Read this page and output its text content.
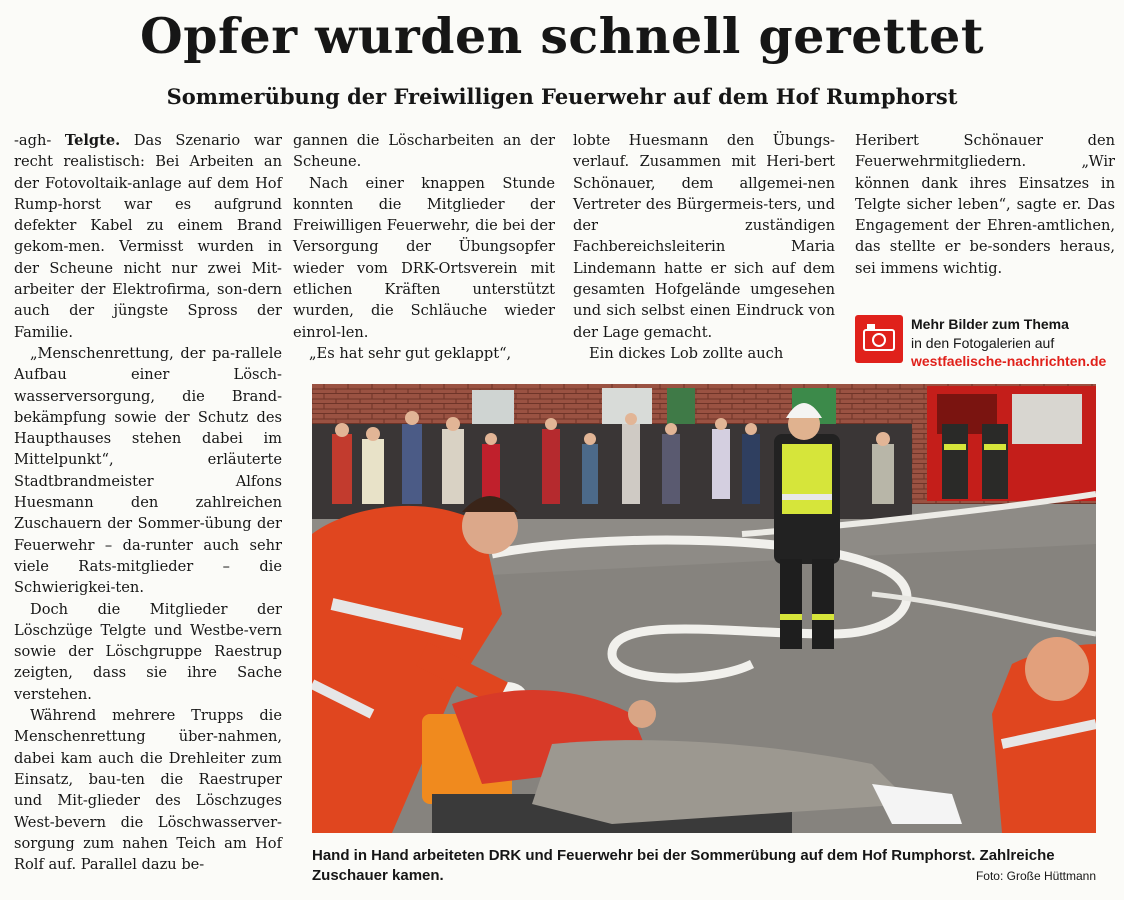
Opfer wurden schnell gerettet
Sommerübung der Freiwilligen Feuerwehr auf dem Hof Rumphorst

-agh- Telgte. Das Szenario war recht realistisch: Bei Arbeiten an der Fotovoltaik-anlage auf dem Hof Rump-horst war es aufgrund defekter Kabel zu einem Brand gekom-men. Vermisst wurden in der Scheune nicht nur zwei Mit-arbeiter der Elektrofirma, son-dern auch der jüngste Spross der Familie.

„Menschenrettung, der pa-rallele Aufbau einer Lösch-wasserversorgung, die Brand-bekämpfung sowie der Schutz des Haupthauses stehen dabei im Mittelpunkt“, erläuterte Stadtbrandmeister Alfons Huesmann den zahlreichen Zuschauern der Sommer-übung der Feuerwehr – da-runter auch sehr viele Rats-mitglieder – die Schwierigkei-ten.

Doch die Mitglieder der Löschzüge Telgte und Westbe-vern sowie der Löschgruppe Raestrup zeigten, dass sie ihre Sache verstehen.

Während mehrere Trupps die Menschenrettung über-nahmen, dabei kam auch die Drehleiter zum Einsatz, bau-ten die Raestruper und Mit-glieder des Löschzuges West-bevern die Löschwasserver-sorgung zum nahen Teich am Hof Rolf auf. Parallel dazu be-

gannen die Löscharbeiten an der Scheune.

Nach einer knappen Stunde konnten die Mitglieder der Freiwilligen Feuerwehr, die bei der Versorgung der Übungsopfer wieder vom DRK-Ortsverein mit etlichen Kräften unterstützt wurden, die Schläuche wieder einrol-len.

„Es hat sehr gut geklappt“,

lobte Huesmann den Übungs-verlauf. Zusammen mit Heri-bert Schönauer, dem allgemei-nen Vertreter des Bürgermeis-ters, und der zuständigen Fachbereichsleiterin Maria Lindemann hatte er sich auf dem gesamten Hofgelände umgesehen und sich selbst einen Eindruck von der Lage gemacht.

Ein dickes Lob zollte auch

Heribert Schönauer den Feuerwehrmitgliedern. „Wir können dank ihres Einsatzes in Telgte sicher leben“, sagte er. Das Engagement der Ehren-amtlichen, das stellte er be-sonders heraus, sei immens wichtig.

Mehr Bilder zum Thema
in den Fotogalerien auf
westfaelische-nachrichten.de
Hand in Hand arbeiteten DRK und Feuerwehr bei der Sommerübung auf dem Hof Rumphorst. Zahlreiche Zuschauer kamen.	Foto: Große Hüttmann
